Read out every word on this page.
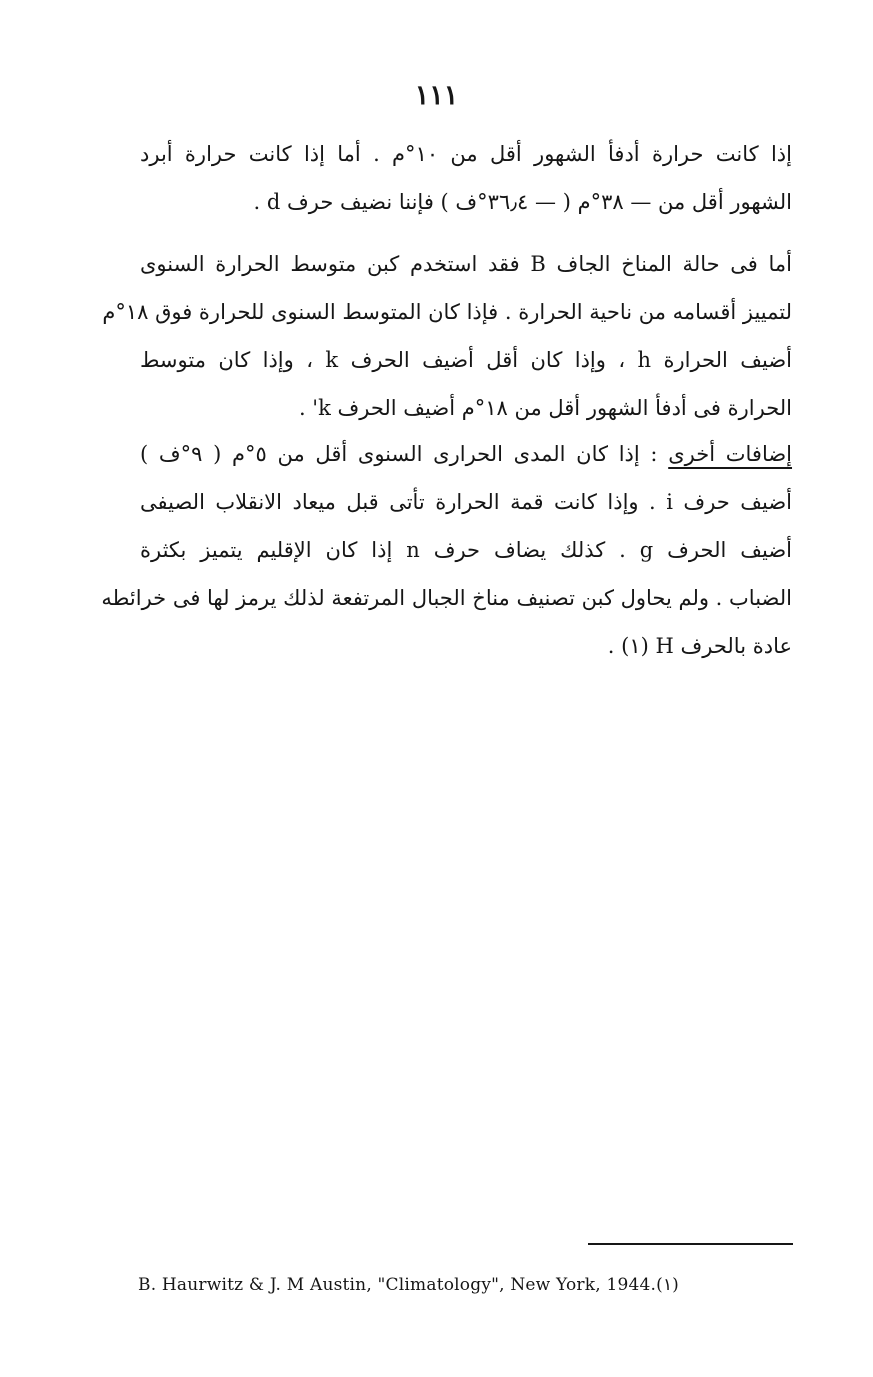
١١١
إذا كانت حرارة أدفأ الشهور أقل من ١٠°م . أما إذا كانت حرارة أبرد
الشهور أقل من — ٣٨°م ( — ٣٦٫٤°ف ) فإننا نضيف حرف d .
أما فى حالة المناخ الجاف B فقد استخدم كبن متوسط الحرارة السنوى
لتمييز أقسامه من ناحية الحرارة . فإذا كان المتوسط السنوى للحرارة فوق ١٨°م
أضيف الحرارة h ، وإذا كان أقل أضيف الحرف k ، وإذا كان متوسط
الحرارة فى أدفأ الشهور أقل من ١٨°م أضيف الحرف k' .
إضافات أخرى : إذا كان المدى الحرارى السنوى أقل من ٥°م ( ٩°ف )
أضيف حرف i . وإذا كانت قمة الحرارة تأتى قبل ميعاد الانقلاب الصيفى
أضيف الحرف g . كذلك يضاف حرف n إذا كان الإقليم يتميز بكثرة
الضباب . ولم يحاول كبن تصنيف مناخ الجبال المرتفعة لذلك يرمز لها فى خرائطه
عادة بالحرف H (١) .
B. Haurwitz & J. M Austin, "Climatology", New York, 1944.(١)
